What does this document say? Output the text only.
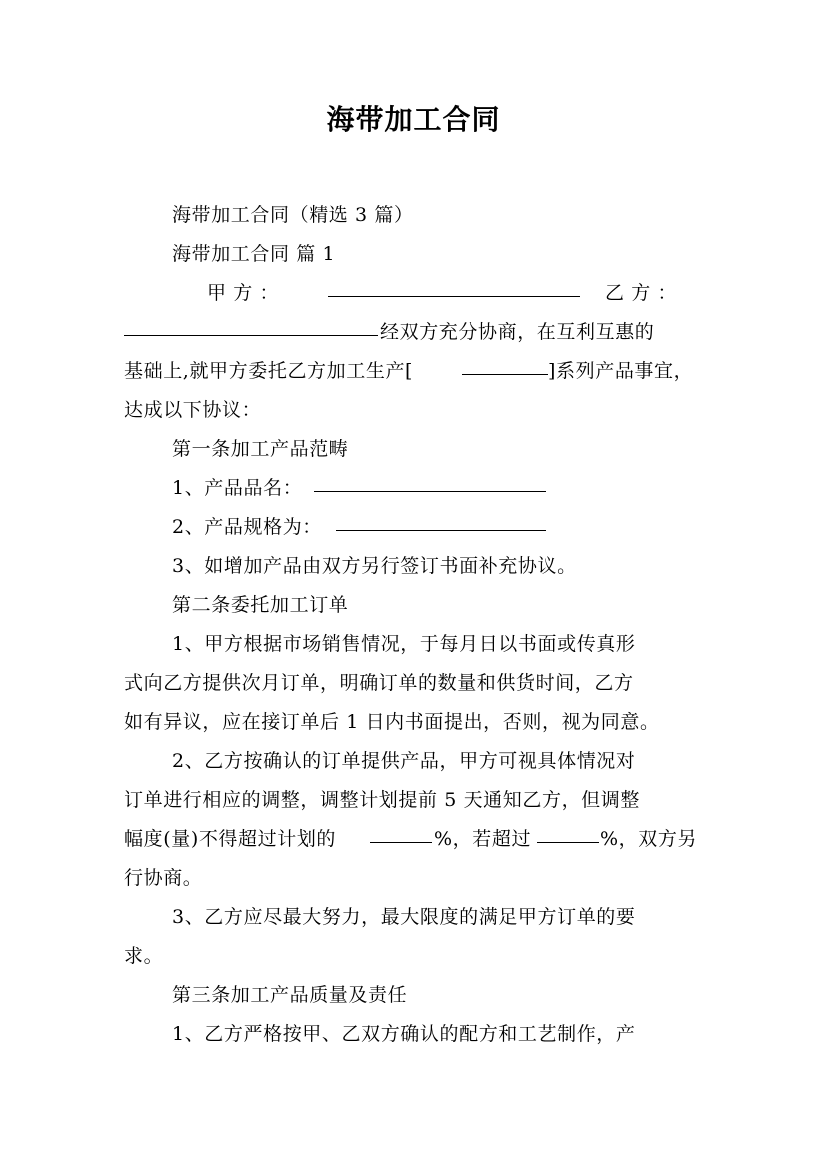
海带加工合同
海带加工合同（精选 3 篇）
海带加工合同 篇 1
甲 方 ：	乙 方 ：
经双方充分协商，在互利互惠的
基础上,就甲方委托乙方加工生产[	]系列产品事宜，
达成以下协议：
第一条加工产品范畴
1、产品品名：
2、产品规格为：
3、如增加产品由双方另行签订书面补充协议。
第二条委托加工订单
1、甲方根据市场销售情况，于每月日以书面或传真形
式向乙方提供次月订单，明确订单的数量和供货时间，乙方
如有异议，应在接订单后 1 日内书面提出，否则，视为同意。
2、乙方按确认的订单提供产品，甲方可视具体情况对
订单进行相应的调整，调整计划提前 5 天通知乙方，但调整
幅度(量)不得超过计划的	%，若超过	%，双方另
行协商。
3、乙方应尽最大努力，最大限度的满足甲方订单的要
求。
第三条加工产品质量及责任
1、乙方严格按甲、乙双方确认的配方和工艺制作，产
